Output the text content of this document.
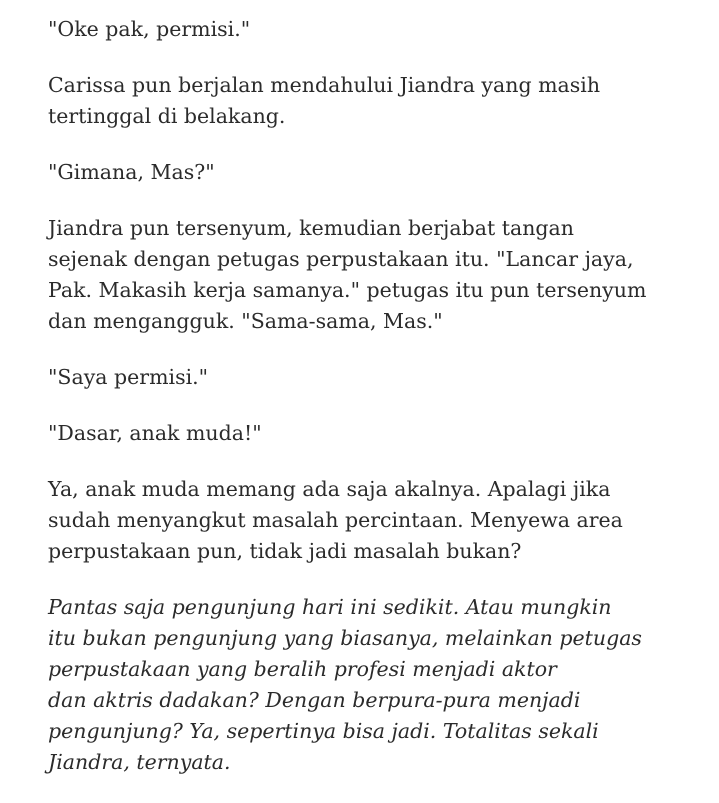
"Oke pak, permisi."

Carissa pun berjalan mendahului Jiandra yang masih
tertinggal di belakang.

"Gimana, Mas?"

Jiandra pun tersenyum, kemudian berjabat tangan
sejenak dengan petugas perpustakaan itu. "Lancar jaya,
Pak. Makasih kerja samanya." petugas itu pun tersenyum
dan mengangguk. "Sama-sama, Mas."

"Saya permisi."

"Dasar, anak muda!"

Ya, anak muda memang ada saja akalnya. Apalagi jika
sudah menyangkut masalah percintaan. Menyewa area
perpustakaan pun, tidak jadi masalah bukan?

Pantas saja pengunjung hari ini sedikit. Atau mungkin
itu bukan pengunjung yang biasanya, melainkan petugas
perpustakaan yang beralih profesi menjadi aktor
dan aktris dadakan? Dengan berpura-pura menjadi
pengunjung? Ya, sepertinya bisa jadi. Totalitas sekali
Jiandra, ternyata.
